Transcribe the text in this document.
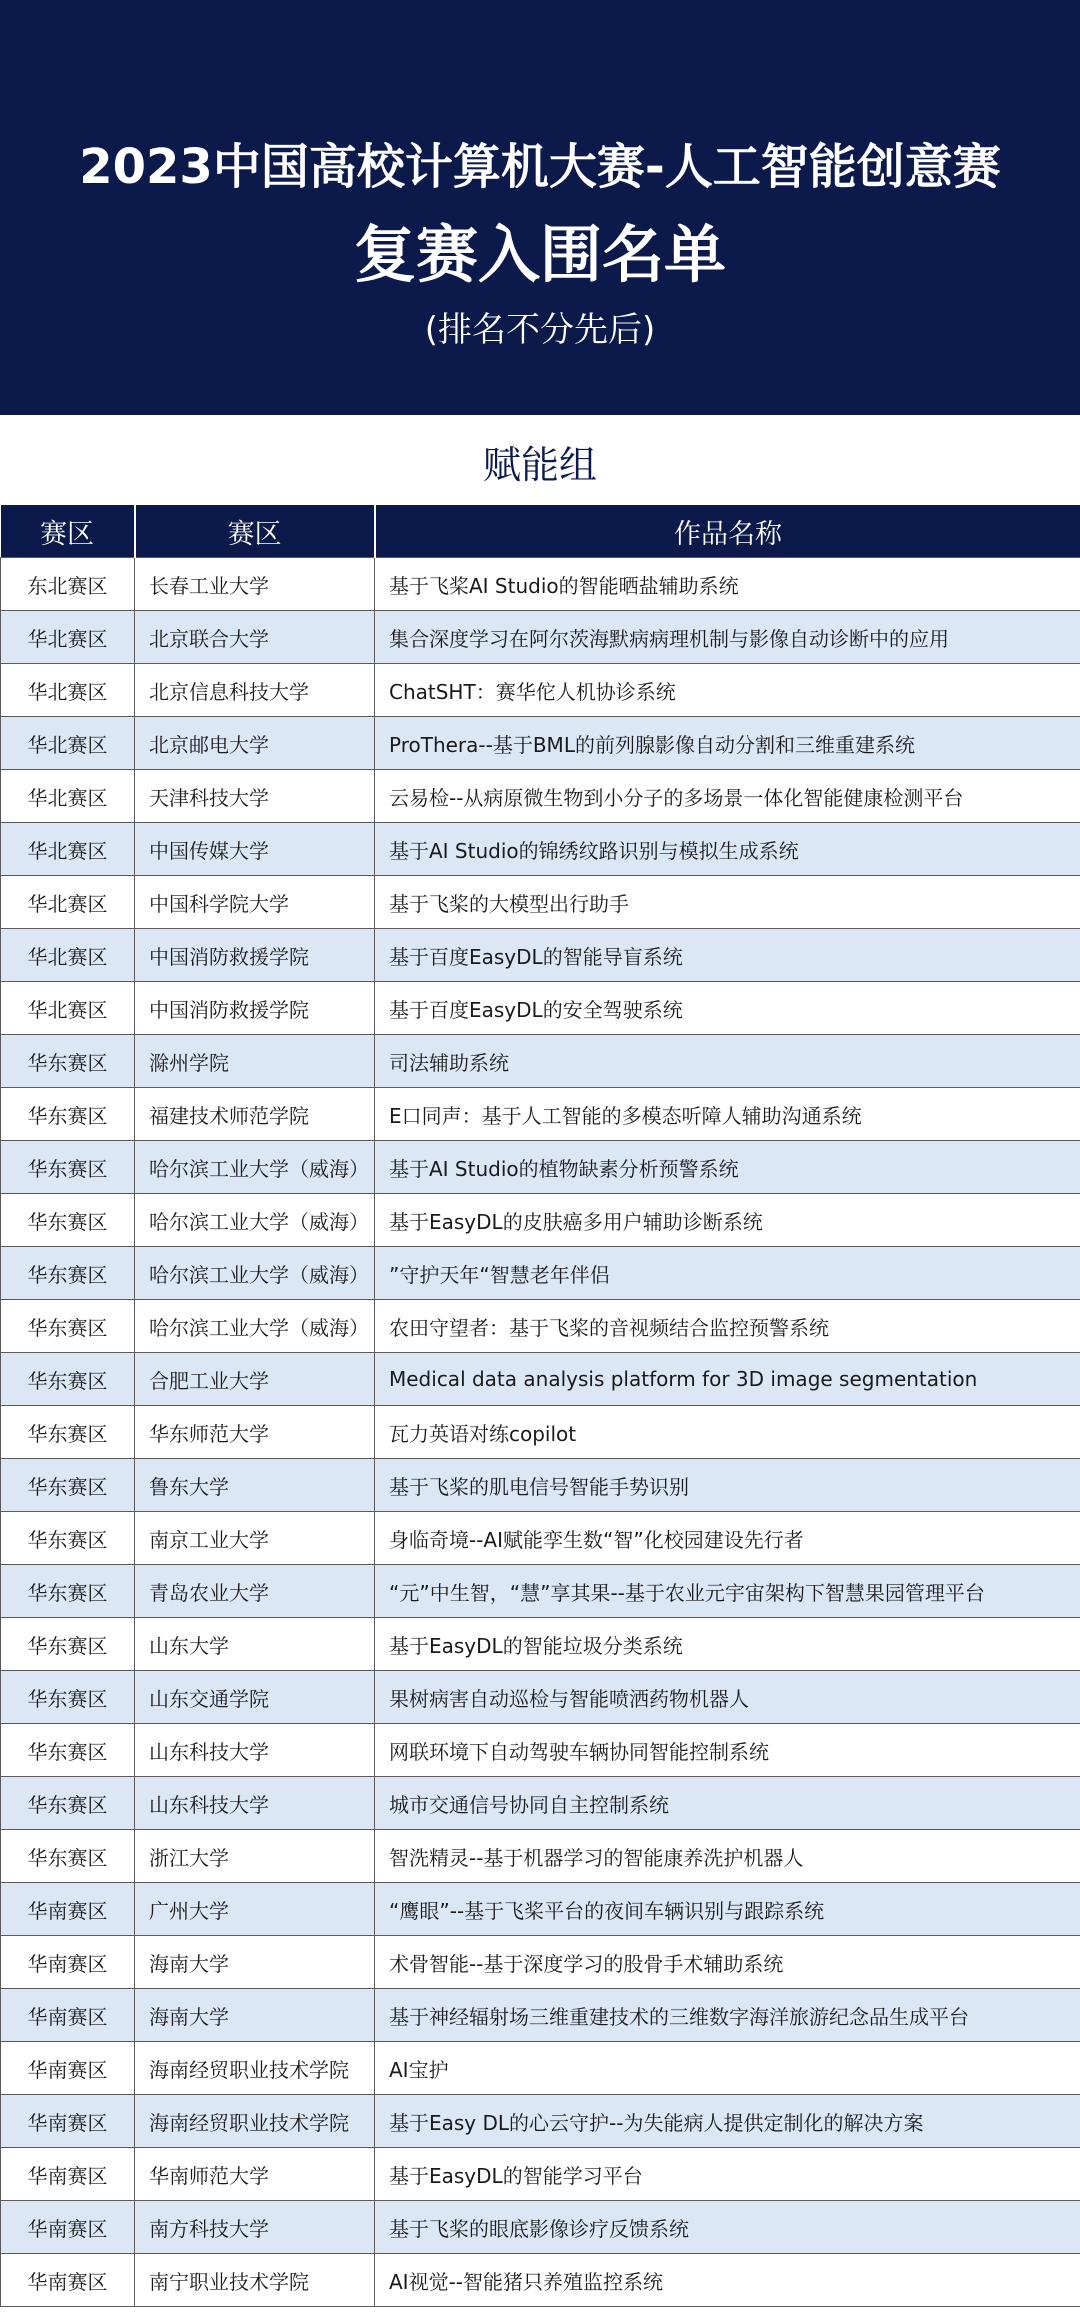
2023中国高校计算机大赛-人工智能创意赛
复赛入围名单
(排名不分先后)
赋能组
赛区	赛区	作品名称
东北赛区	长春工业大学	基于飞桨AI Studio的智能晒盐辅助系统
华北赛区	北京联合大学	集合深度学习在阿尔茨海默病病理机制与影像自动诊断中的应用
华北赛区	北京信息科技大学	ChatSHT：赛华佗人机协诊系统
华北赛区	北京邮电大学	ProThera--基于BML的前列腺影像自动分割和三维重建系统
华北赛区	天津科技大学	云易检--从病原微生物到小分子的多场景一体化智能健康检测平台
华北赛区	中国传媒大学	基于AI Studio的锦绣纹路识别与模拟生成系统
华北赛区	中国科学院大学	基于飞桨的大模型出行助手
华北赛区	中国消防救援学院	基于百度EasyDL的智能导盲系统
华北赛区	中国消防救援学院	基于百度EasyDL的安全驾驶系统
华东赛区	滁州学院	司法辅助系统
华东赛区	福建技术师范学院	E口同声：基于人工智能的多模态听障人辅助沟通系统
华东赛区	哈尔滨工业大学（威海）	基于AI Studio的植物缺素分析预警系统
华东赛区	哈尔滨工业大学（威海）	基于EasyDL的皮肤癌多用户辅助诊断系统
华东赛区	哈尔滨工业大学（威海）	”守护天年“智慧老年伴侣
华东赛区	哈尔滨工业大学（威海）	农田守望者：基于飞桨的音视频结合监控预警系统
华东赛区	合肥工业大学	Medical data analysis platform for 3D image segmentation
华东赛区	华东师范大学	瓦力英语对练copilot
华东赛区	鲁东大学	基于飞桨的肌电信号智能手势识别
华东赛区	南京工业大学	身临奇境--AI赋能孪生数“智”化校园建设先行者
华东赛区	青岛农业大学	“元”中生智，“慧”享其果--基于农业元宇宙架构下智慧果园管理平台
华东赛区	山东大学	基于EasyDL的智能垃圾分类系统
华东赛区	山东交通学院	果树病害自动巡检与智能喷洒药物机器人
华东赛区	山东科技大学	网联环境下自动驾驶车辆协同智能控制系统
华东赛区	山东科技大学	城市交通信号协同自主控制系统
华东赛区	浙江大学	智洗精灵--基于机器学习的智能康养洗护机器人
华南赛区	广州大学	“鹰眼”--基于飞桨平台的夜间车辆识别与跟踪系统
华南赛区	海南大学	术骨智能--基于深度学习的股骨手术辅助系统
华南赛区	海南大学	基于神经辐射场三维重建技术的三维数字海洋旅游纪念品生成平台
华南赛区	海南经贸职业技术学院	AI宝护
华南赛区	海南经贸职业技术学院	基于Easy DL的心云守护--为失能病人提供定制化的解决方案
华南赛区	华南师范大学	基于EasyDL的智能学习平台
华南赛区	南方科技大学	基于飞桨的眼底影像诊疗反馈系统
华南赛区	南宁职业技术学院	AI视觉--智能猪只养殖监控系统
